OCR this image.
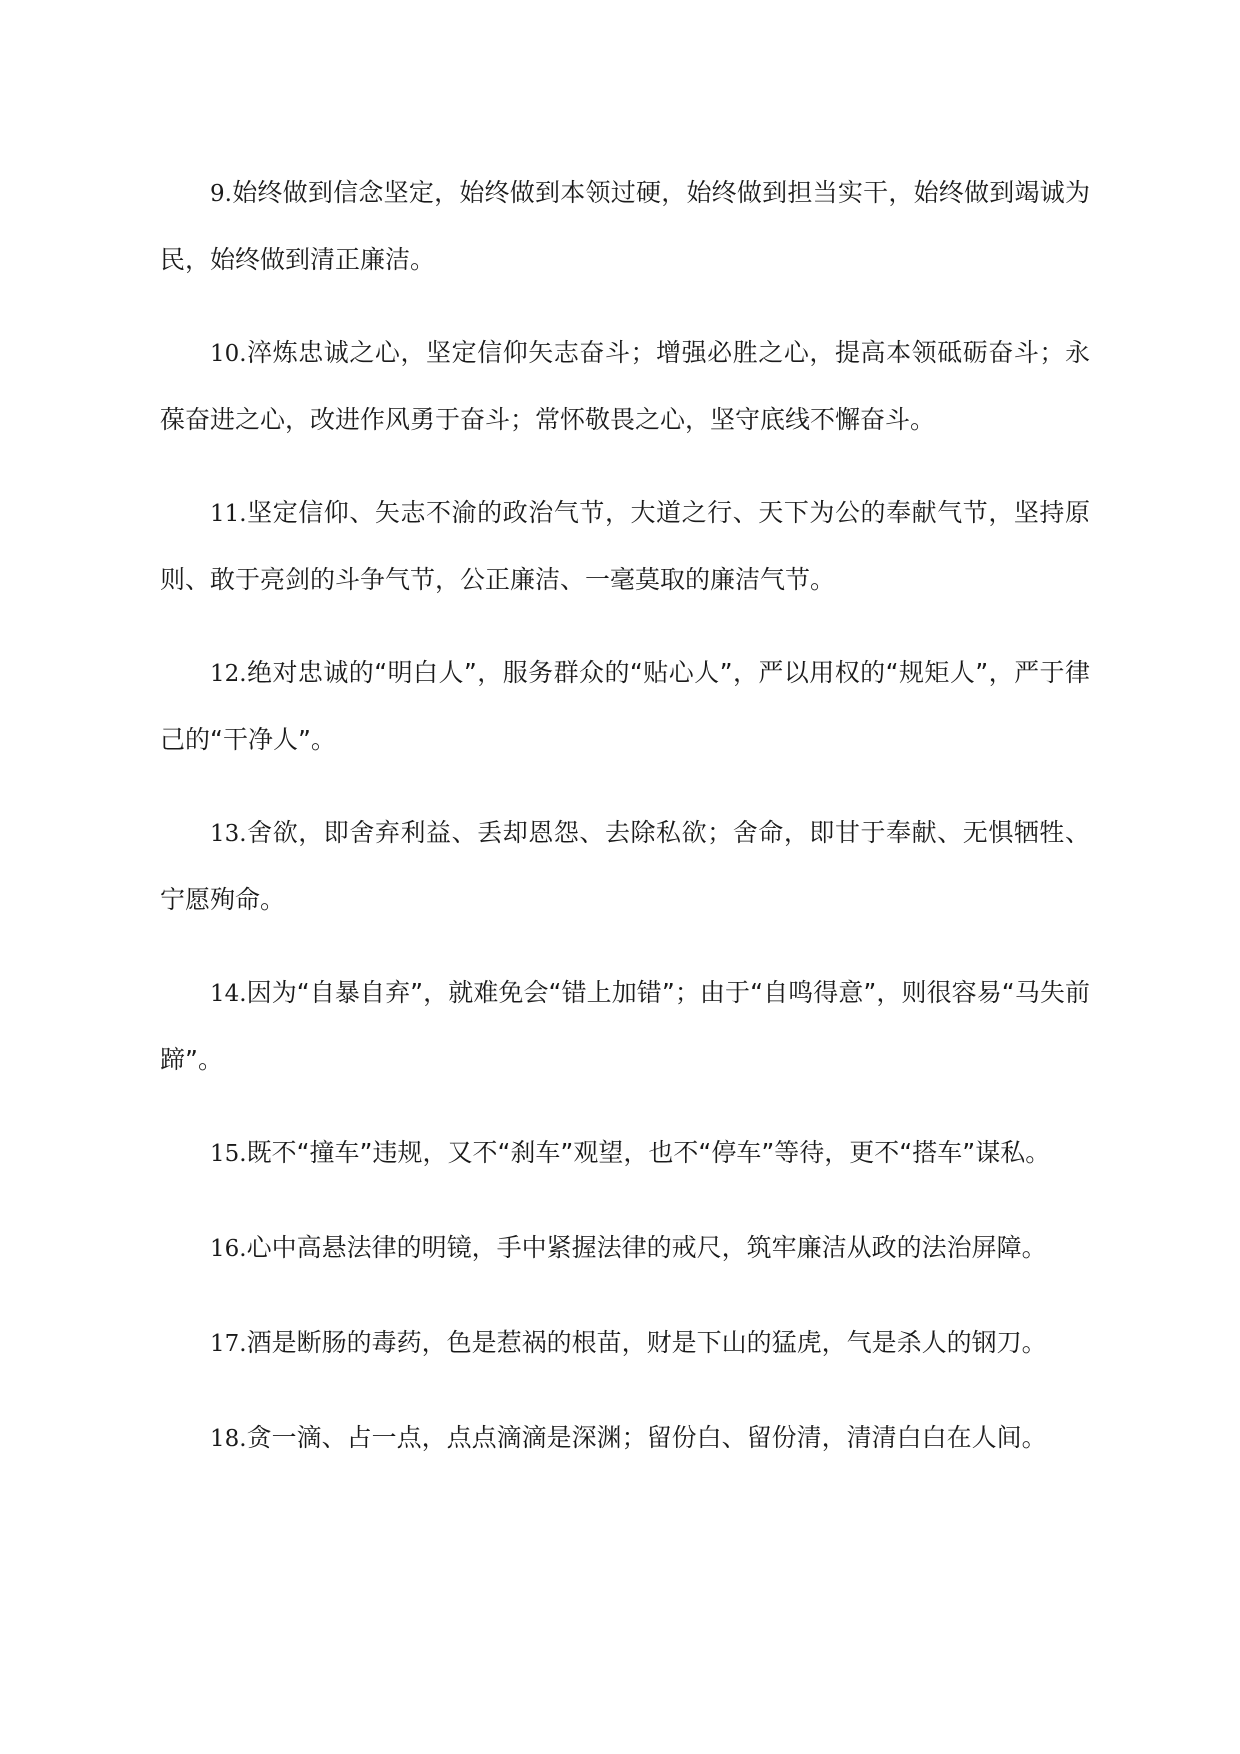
9.始终做到信念坚定，始终做到本领过硬，始终做到担当实干，始终做到竭诚为民，始终做到清正廉洁。

10.淬炼忠诚之心，坚定信仰矢志奋斗；增强必胜之心，提高本领砥砺奋斗；永葆奋进之心，改进作风勇于奋斗；常怀敬畏之心，坚守底线不懈奋斗。

11.坚定信仰、矢志不渝的政治气节，大道之行、天下为公的奉献气节，坚持原则、敢于亮剑的斗争气节，公正廉洁、一毫莫取的廉洁气节。

12.绝对忠诚的“明白人”，服务群众的“贴心人”，严以用权的“规矩人”，严于律己的“干净人”。

13.舍欲，即舍弃利益、丢却恩怨、去除私欲；舍命，即甘于奉献、无惧牺牲、宁愿殉命。

14.因为“自暴自弃”，就难免会“错上加错”；由于“自鸣得意”，则很容易“马失前蹄”。

15.既不“撞车”违规，又不“刹车”观望，也不“停车”等待，更不“搭车”谋私。

16.心中高悬法律的明镜，手中紧握法律的戒尺，筑牢廉洁从政的法治屏障。

17.酒是断肠的毒药，色是惹祸的根苗，财是下山的猛虎，气是杀人的钢刀。

18.贪一滴、占一点，点点滴滴是深渊；留份白、留份清，清清白白在人间。
